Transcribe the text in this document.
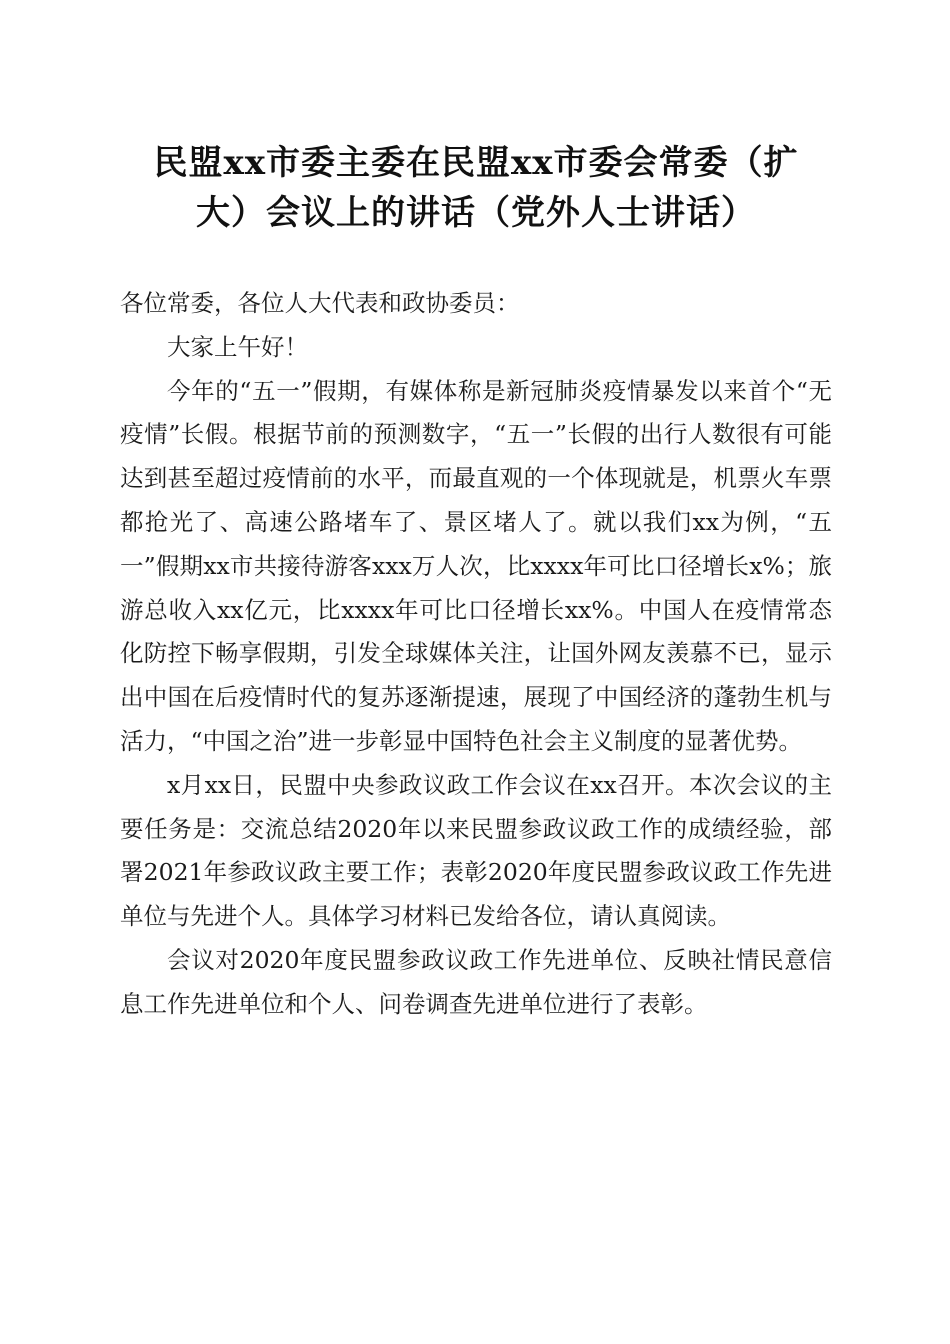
民盟xx市委主委在民盟xx市委会常委（扩
大）会议上的讲话（党外人士讲话）

各位常委，各位人大代表和政协委员：

大家上午好！

今年的“五一”假期，有媒体称是新冠肺炎疫情暴发以来首个“无疫情”长假。根据节前的预测数字，“五一”长假的出行人数很有可能达到甚至超过疫情前的水平，而最直观的一个体现就是，机票火车票都抢光了、高速公路堵车了、景区堵人了。就以我们xx为例，“五一”假期xx市共接待游客xxx万人次，比xxxx年可比口径增长x%；旅游总收入xx亿元，比xxxx年可比口径增长xx%。中国人在疫情常态化防控下畅享假期，引发全球媒体关注，让国外网友羡慕不已，显示出中国在后疫情时代的复苏逐渐提速，展现了中国经济的蓬勃生机与活力，“中国之治”进一步彰显中国特色社会主义制度的显著优势。

x月xx日，民盟中央参政议政工作会议在xx召开。本次会议的主要任务是：交流总结2020年以来民盟参政议政工作的成绩经验，部署2021年参政议政主要工作；表彰2020年度民盟参政议政工作先进单位与先进个人。具体学习材料已发给各位，请认真阅读。

会议对2020年度民盟参政议政工作先进单位、反映社情民意信息工作先进单位和个人、问卷调查先进单位进行了表彰。
